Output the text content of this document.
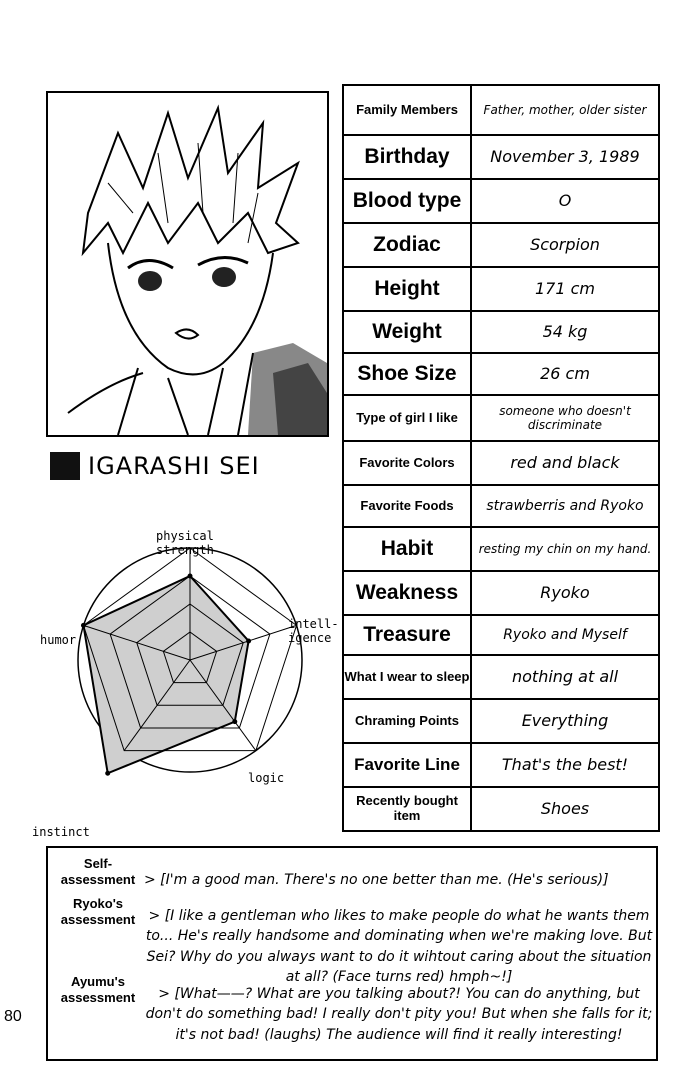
IGARASHI SEI
Family Members	Father, mother, older sister
Birthday	November 3, 1989
Blood type	O
Zodiac	Scorpion
Height	171 cm
Weight	54 kg
Shoe Size	26 cm
Type of girl I like	someone who doesn't discriminate
Favorite Colors	red and black
Favorite Foods	strawberris and Ryoko
Habit	resting my chin on my hand.
Weakness	Ryoko
Treasure	Ryoko and Myself
What I wear to sleep	nothing at all
Chraming Points	Everything
Favorite Line	That's the best!
Recently bought item	Shoes
physical strength
intell-igence
logic
instinct
humor
Self-assessment > [I'm a good man. There's no one better than me. (He's serious)]
Ryoko's assessment > [I like a gentleman who likes to make people do what he wants them to... He's really handsome and dominating when we're making love. But Sei? Why do you always want to do it wihtout caring about the situation at all? (Face turns red) hmph~!]
Ayumu's assessment	> [What——? What are you talking about?! You can do anything, but don't do something bad! I really don't pity you! But when she falls for it; it's not bad! (laughs) The audience will find it really interesting!
80
